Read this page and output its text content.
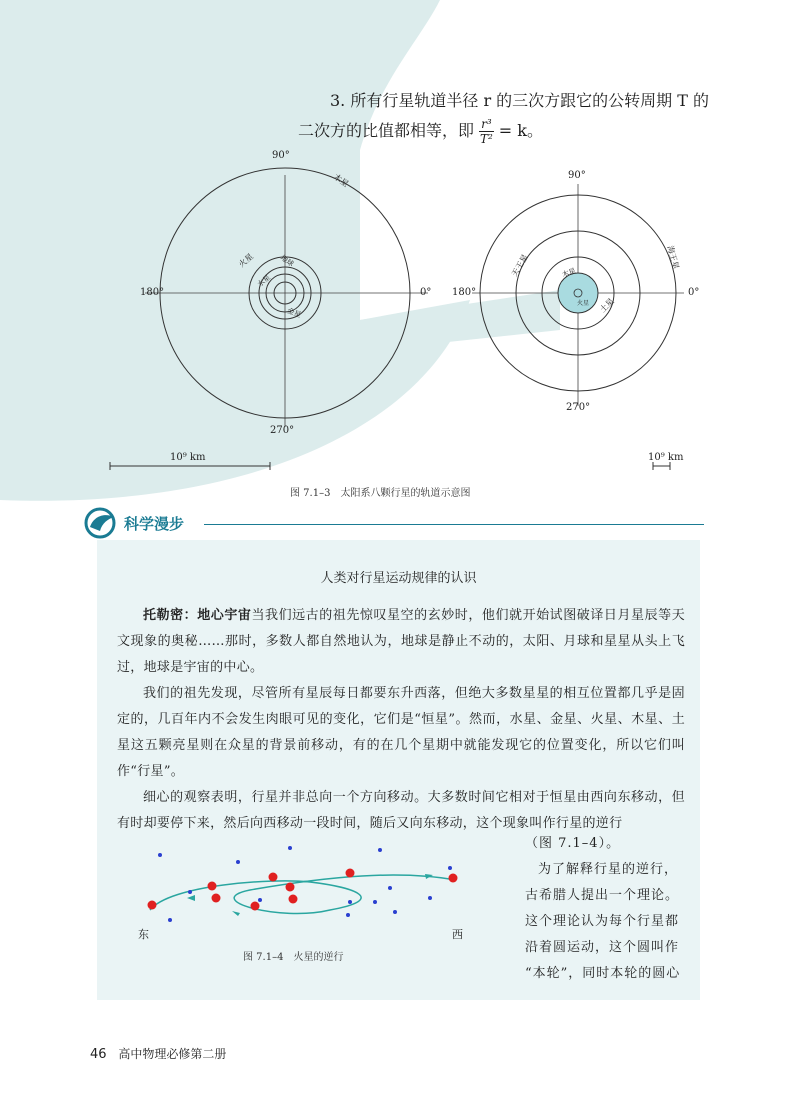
3. 所有行星轨道半径 r 的三次方跟它的公转周期 T 的
二次方的比值都相等，即 $\frac{\text{r³}}{\text{T²}} = k$。
90°
180°	0°
270°
木星
火星	地球
水星
金星
10⁹ km
90°
180°	0°
270°
天王星	海王星
土星
木星
火星
10⁹ km
图 7.1–3　太阳系八颗行星的轨道示意图
科学漫步
人类对行星运动规律的认识

托勒密：地心宇宙当我们远古的祖先惊叹星空的玄妙时，他们就开始试图破译日月星辰等天文现象的奥秘……那时，多数人都自然地认为，地球是静止不动的，太阳、月球和星星从头上飞过，地球是宇宙的中心。

我们的祖先发现，尽管所有星辰每日都要东升西落，但绝大多数星星的相互位置都几乎是固定的，几百年内不会发生肉眼可见的变化，它们是“恒星”。然而，水星、金星、火星、木星、土星这五颗亮星则在众星的背景前移动，有的在几个星期中就能发现它的位置变化，所以它们叫作“行星”。

细心的观察表明，行星并非总向一个方向移动。大多数时间它相对于恒星由西向东移动，但有时却要停下来，然后向西移动一段时间，随后又向东移动，这个现象叫作行星的逆行

（图 7.1–4）。
为了解释行星的逆行，
古希腊人提出一个理论。
这个理论认为每个行星都
沿着圆运动，这个圆叫作
“本轮”，同时本轮的圆心
东	西
图 7.1–4　火星的逆行
46 高中物理必修第二册
